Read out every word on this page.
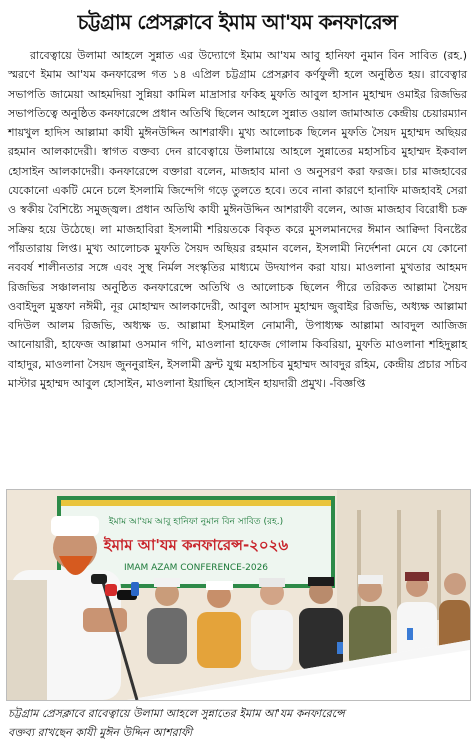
চট্টগ্রাম প্রেসক্লাবে ইমাম আ'যম কনফারেন্স

রাবেত্বায়ে উলামা আহলে সুন্নাত এর উদ্যোগে ইমাম আ'যম আবু হানিফা নুমান বিন সাবিত (রহ.) স্মরণে ইমাম আ'যম কনফারেন্স গত ১৪ এপ্রিল চট্টগ্রাম প্রেসক্লাব কর্ণফুলী হলে অনুষ্ঠিত হয়। রাবেত্বার সভাপতি জামেয়া আহমদিয়া সুন্নিয়া কামিল মাদ্রাসার ফকিহ মুফতি আবুল হাসান মুহাম্মদ ওমাইর রিজভির সভাপতিত্বে অনুষ্ঠিত কনফারেন্সে প্রধান অতিথি ছিলেন আহলে সুন্নাত ওয়াল জামাআত কেন্দ্রীয় চেয়ারম্যান শায়খুল হাদিস আল্লামা কাযী মুঈনউদ্দিন আশরাফী। মুখ্য আলোচক ছিলেন মুফতি সৈয়দ মুহাম্মদ অছিয়র রহমান আলকাদেরী। স্বাগত বক্তব্য দেন রাবেত্বায়ে উলামায়ে আহলে সুন্নাতের মহাসচিব মুহাম্মদ ইকবাল হোসাইন আলকাদেরী। কনফারেন্সে বক্তারা বলেন, মাজহাব মানা ও অনুসরণ করা ফরজ। চার মাজহাবের যেকোনো একটি মেনে চলে ইসলামি জিন্দেগি গড়ে তুলতে হবে। তবে নানা কারণে হানাফি মাজহাবই সেরা ও স্বকীয় বৈশিষ্ট্যে সমুজ্জ্বল। প্রধান অতিথি কাযী মুঈনউদ্দিন আশরাফী বলেন, আজ মাজহাব বিরোধী চক্র সক্রিয় হয়ে উঠেছে। লা মাজহাবিরা ইসলামী শরিয়তকে বিকৃত করে মুসলমানদের ঈমান আক্বিদা বিনষ্টের পাঁয়তারায় লিপ্ত। মুখ্য আলোচক মুফতি সৈয়দ অছিয়র রহমান বলেন, ইসলামী নির্দেশনা মেনে যে কোনো নববর্ষ শালীনতার সঙ্গে এবং সুস্থ নির্মল সংস্কৃতির মাধ্যমে উদযাপন করা যায়। মাওলানা মুখতার আহমদ রিজভির সঞ্চালনায় অনুষ্ঠিত কনফারেন্সে অতিথি ও আলোচক ছিলেন পীরে তরিকত আল্লামা সৈয়দ ওবাইদুল মুস্তফা নঈমী, নূর মোহাম্মদ আলকাদেরী, আবুল আসাদ মুহাম্মদ জুবাইর রিজভি, অধ্যক্ষ আল্লামা বদিউল আলম রিজভি, অধ্যক্ষ ড. আল্লামা ইসমাইল নোমানী, উপাধ্যক্ষ আল্লামা আবদুল আজিজ আনোয়ারী, হাফেজ আল্লামা ওসমান গণি, মাওলানা হাফেজ গোলাম কিবরিয়া, মুফতি মাওলানা শহিদুল্লাহ বাহাদুর, মাওলানা সৈয়দ জুননুরাইন, ইসলামী ফ্রন্ট যুগ্ম মহাসচিব মুহাম্মদ আবদুর রহিম, কেন্দ্রীয় প্রচার সচিব মাস্টার মুহাম্মদ আবুল হোসাইন, মাওলানা ইয়াছিন হোসাইন হায়দারী প্রমুখ। -বিজ্ঞপ্তি

ইমাম আ'যম আবু হানিফা নুমান বিন সাবিত (রহ.)
ইমাম আ'যম কনফারেন্স-২০২৬
IMAM AZAM CONFERENCE-2026
চট্টগ্রাম প্রেসক্লাবে রাবেত্বায়ে উলামা আহলে সুন্নাতের ইমাম আ'যম কনফারেন্সে
বক্তব্য রাখছেন কাযী মুঈন উদ্দিন আশরাফী
